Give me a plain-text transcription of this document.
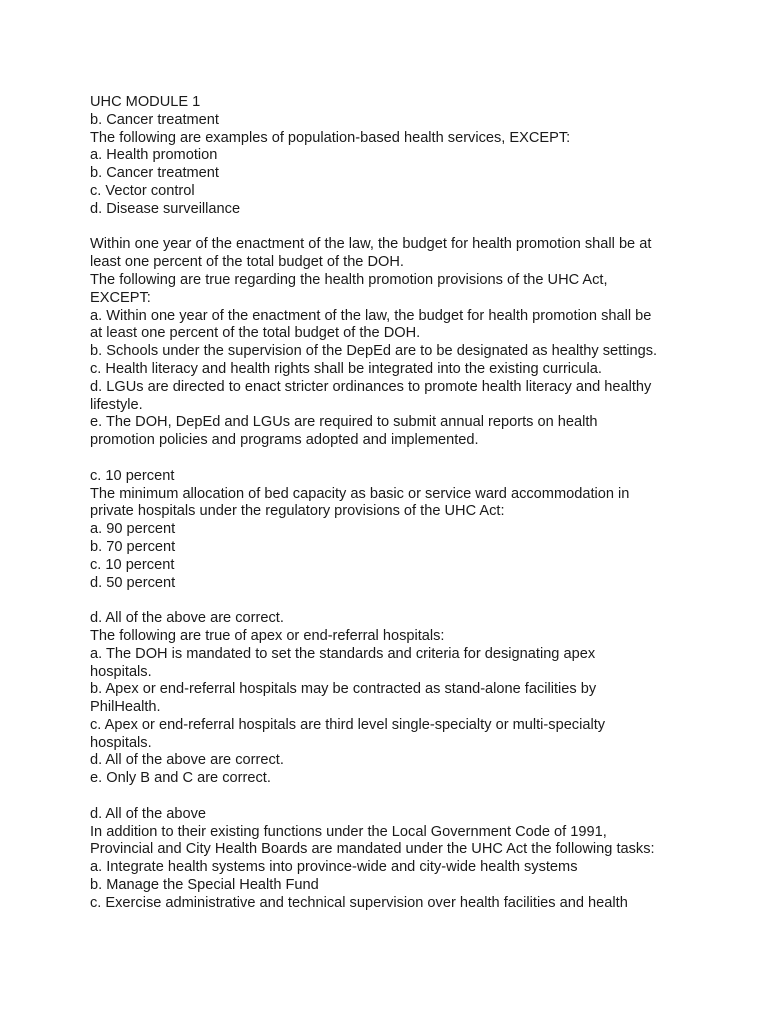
UHC MODULE 1
b. Cancer treatment
The following are examples of population-based health services, EXCEPT:
a. Health promotion
b. Cancer treatment
c. Vector control
d. Disease surveillance
Within one year of the enactment of the law, the budget for health promotion shall be at
least one percent of the total budget of the DOH.
The following are true regarding the health promotion provisions of the UHC Act,
EXCEPT:
a. Within one year of the enactment of the law, the budget for health promotion shall be
at least one percent of the total budget of the DOH.
b. Schools under the supervision of the DepEd are to be designated as healthy settings.
c. Health literacy and health rights shall be integrated into the existing curricula.
d. LGUs are directed to enact stricter ordinances to promote health literacy and healthy
lifestyle.
e. The DOH, DepEd and LGUs are required to submit annual reports on health
promotion policies and programs adopted and implemented.
c. 10 percent
The minimum allocation of bed capacity as basic or service ward accommodation in
private hospitals under the regulatory provisions of the UHC Act:
a. 90 percent
b. 70 percent
c. 10 percent
d. 50 percent
d. All of the above are correct.
The following are true of apex or end-referral hospitals:
a. The DOH is mandated to set the standards and criteria for designating apex
hospitals.
b. Apex or end-referral hospitals may be contracted as stand-alone facilities by
PhilHealth.
c. Apex or end-referral hospitals are third level single-specialty or multi-specialty
hospitals.
d. All of the above are correct.
e. Only B and C are correct.
d. All of the above
In addition to their existing functions under the Local Government Code of 1991,
Provincial and City Health Boards are mandated under the UHC Act the following tasks:
a. Integrate health systems into province-wide and city-wide health systems
b. Manage the Special Health Fund
c. Exercise administrative and technical supervision over health facilities and health
